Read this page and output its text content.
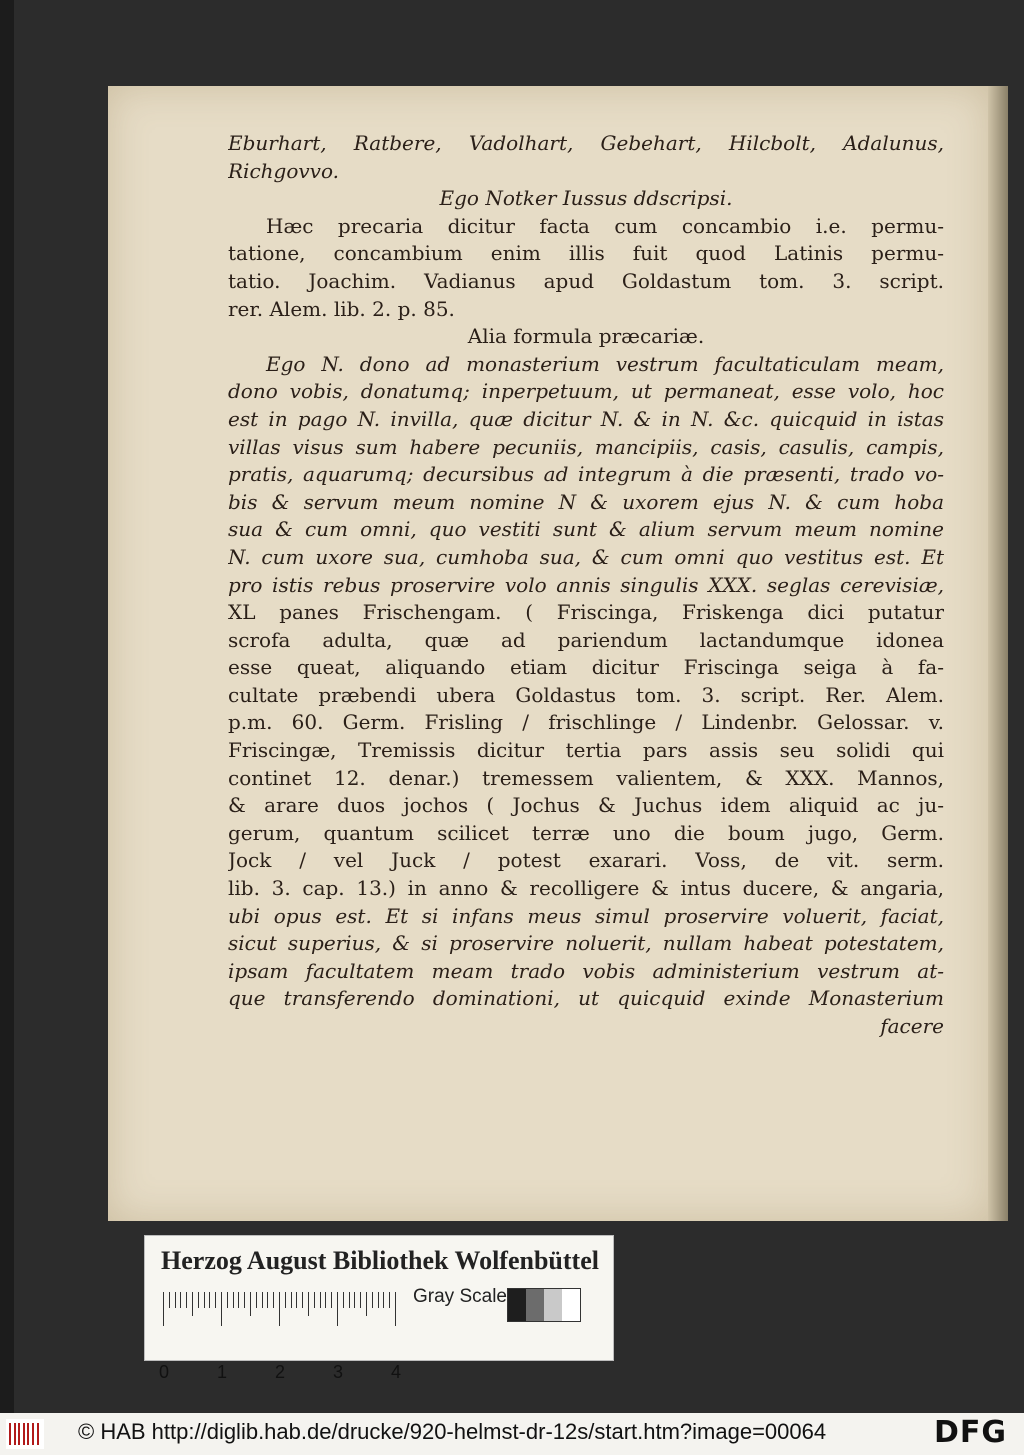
Eburhart, Ratbere, Vadolhart, Gebehart, Hilcbolt, Adalunus,
Richgovvo.
Ego Notker Iussus ddscripsi.
Hæc precaria dicitur facta cum concambio i.e. permu-
tatione, concambium enim illis fuit quod Latinis permu-
tatio. Joachim. Vadianus apud Goldastum tom. 3. script.
rer. Alem. lib. 2. p. 85.
Alia formula præcariæ.
Ego N. dono ad monasterium vestrum facultaticulam meam,
dono vobis, donatumq; inperpetuum, ut permaneat, esse volo, hoc
est in pago N. invilla, quæ dicitur N. & in N. &c. quicquid in istas
villas visus sum habere pecuniis, mancipiis, casis, casulis, campis,
pratis, aquarumq; decursibus ad integrum à die præsenti, trado vo-
bis & servum meum nomine N & uxorem ejus N. & cum hoba
sua & cum omni, quo vestiti sunt & alium servum meum nomine
N. cum uxore sua, cumhoba sua, & cum omni quo vestitus est. Et
pro istis rebus proservire volo annis singulis XXX. seglas cerevisiæ,
XL panes Frischengam. ( Friscinga, Friskenga dici putatur
scrofa adulta, quæ ad pariendum lactandumque idonea
esse queat, aliquando etiam dicitur Friscinga seiga à fa-
cultate præbendi ubera Goldastus tom. 3. script. Rer. Alem.
p.m. 60. Germ. Frisling / frischlinge / Lindenbr. Gelossar. v.
Friscingæ, Tremissis dicitur tertia pars assis seu solidi qui
continet 12. denar.) tremessem valientem, & XXX. Mannos,
& arare duos jochos ( Jochus & Juchus idem aliquid ac ju-
gerum, quantum scilicet terræ uno die boum jugo, Germ.
Jock / vel Juck / potest exarari. Voss, de vit. serm.
lib. 3. cap. 13.) in anno & recolligere & intus ducere, & angaria,
ubi opus est. Et si infans meus simul proservire voluerit, faciat,
sicut superius, & si proservire noluerit, nullam habeat potestatem,
ipsam facultatem meam trado vobis administerium vestrum at-
que transferendo dominationi, ut quicquid exinde Monasterium
facere
Herzog August Bibliothek Wolfenbüttel
0	1	2	3	4
Gray Scale
© HAB http://diglib.hab.de/drucke/920-helmst-dr-12s/start.htm?image=00064	DFG
